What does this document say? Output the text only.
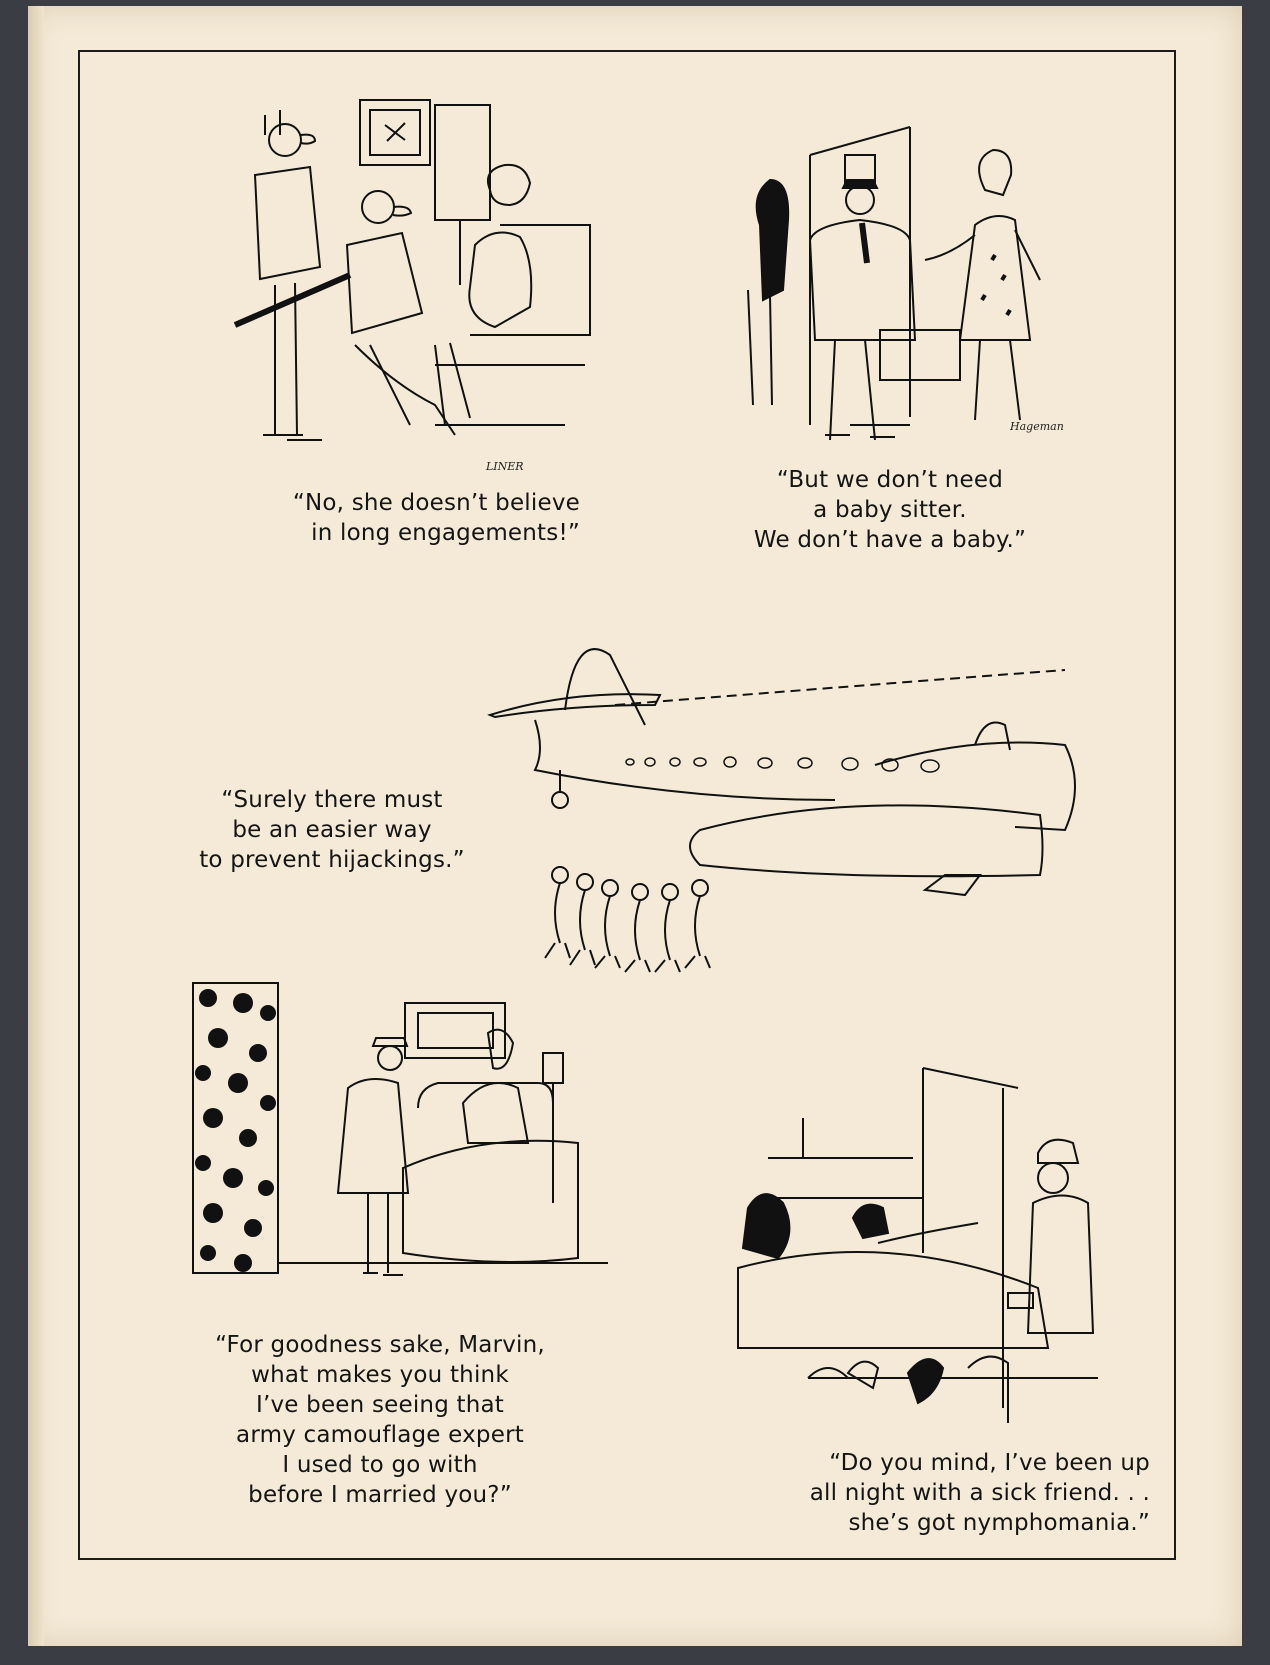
LINER
“No, she doesn’t believe
in long engagements!”
Hageman
“But we don’t need
a baby sitter.
We don’t have a baby.”
“Surely there must
be an easier way
to prevent hijackings.”
“For goodness sake, Marvin,
what makes you think
I’ve been seeing that
army camouflage expert
I used to go with
before I married you?”
“Do you mind, I’ve been up
all night with a sick friend. . .
she’s got nymphomania.”
